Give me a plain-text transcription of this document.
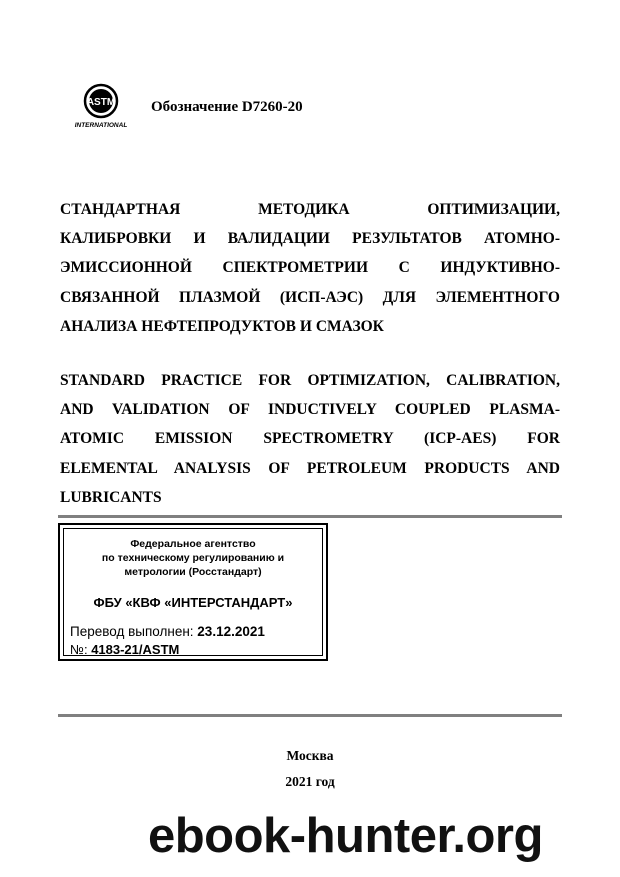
ASTM
INTERNATIONAL
Обозначение D7260-20
СТАНДАРТНАЯ МЕТОДИКА ОПТИМИЗАЦИИ,
КАЛИБРОВКИ И ВАЛИДАЦИИ РЕЗУЛЬТАТОВ АТОМНО-
ЭМИССИОННОЙ СПЕКТРОМЕТРИИ С ИНДУКТИВНО-
СВЯЗАННОЙ ПЛАЗМОЙ (ИСП-АЭС) ДЛЯ ЭЛЕМЕНТНОГО
АНАЛИЗА НЕФТЕПРОДУКТОВ И СМАЗОК
STANDARD PRACTICE FOR OPTIMIZATION, CALIBRATION,
AND VALIDATION OF INDUCTIVELY COUPLED PLASMA-
ATOMIC EMISSION SPECTROMETRY (ICP-AES) FOR
ELEMENTAL ANALYSIS OF PETROLEUM PRODUCTS AND
LUBRICANTS
Федеральное агентство
по техническому регулированию и
метрологии (Росстандарт)
ФБУ «КВФ «ИНТЕРСТАНДАРТ»
Перевод выполнен: 23.12.2021
№: 4183-21/ASTM
Москва
2021 год
ebook-hunter.org
